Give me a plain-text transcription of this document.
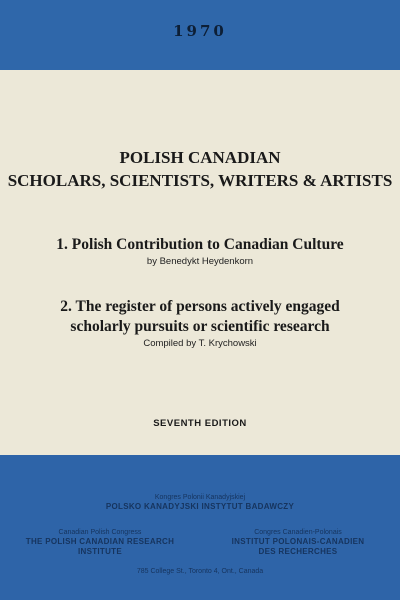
1970
POLISH CANADIAN
SCHOLARS, SCIENTISTS, WRITERS & ARTISTS
1. Polish Contribution to Canadian Culture
by Benedykt Heydenkorn
2. The register of persons actively engaged
scholarly pursuits or scientific research
Compiled by T. Krychowski
SEVENTH EDITION
Kongres Polonii Kanadyjskiej
POLSKO KANADYJSKI INSTYTUT BADAWCZY
Canadian Polish Congress
THE POLISH CANADIAN RESEARCH
INSTITUTE
Congres Canadien-Polonais
INSTITUT POLONAIS-CANADIEN
DES RECHERCHES
785 College St., Toronto 4, Ont., Canada
